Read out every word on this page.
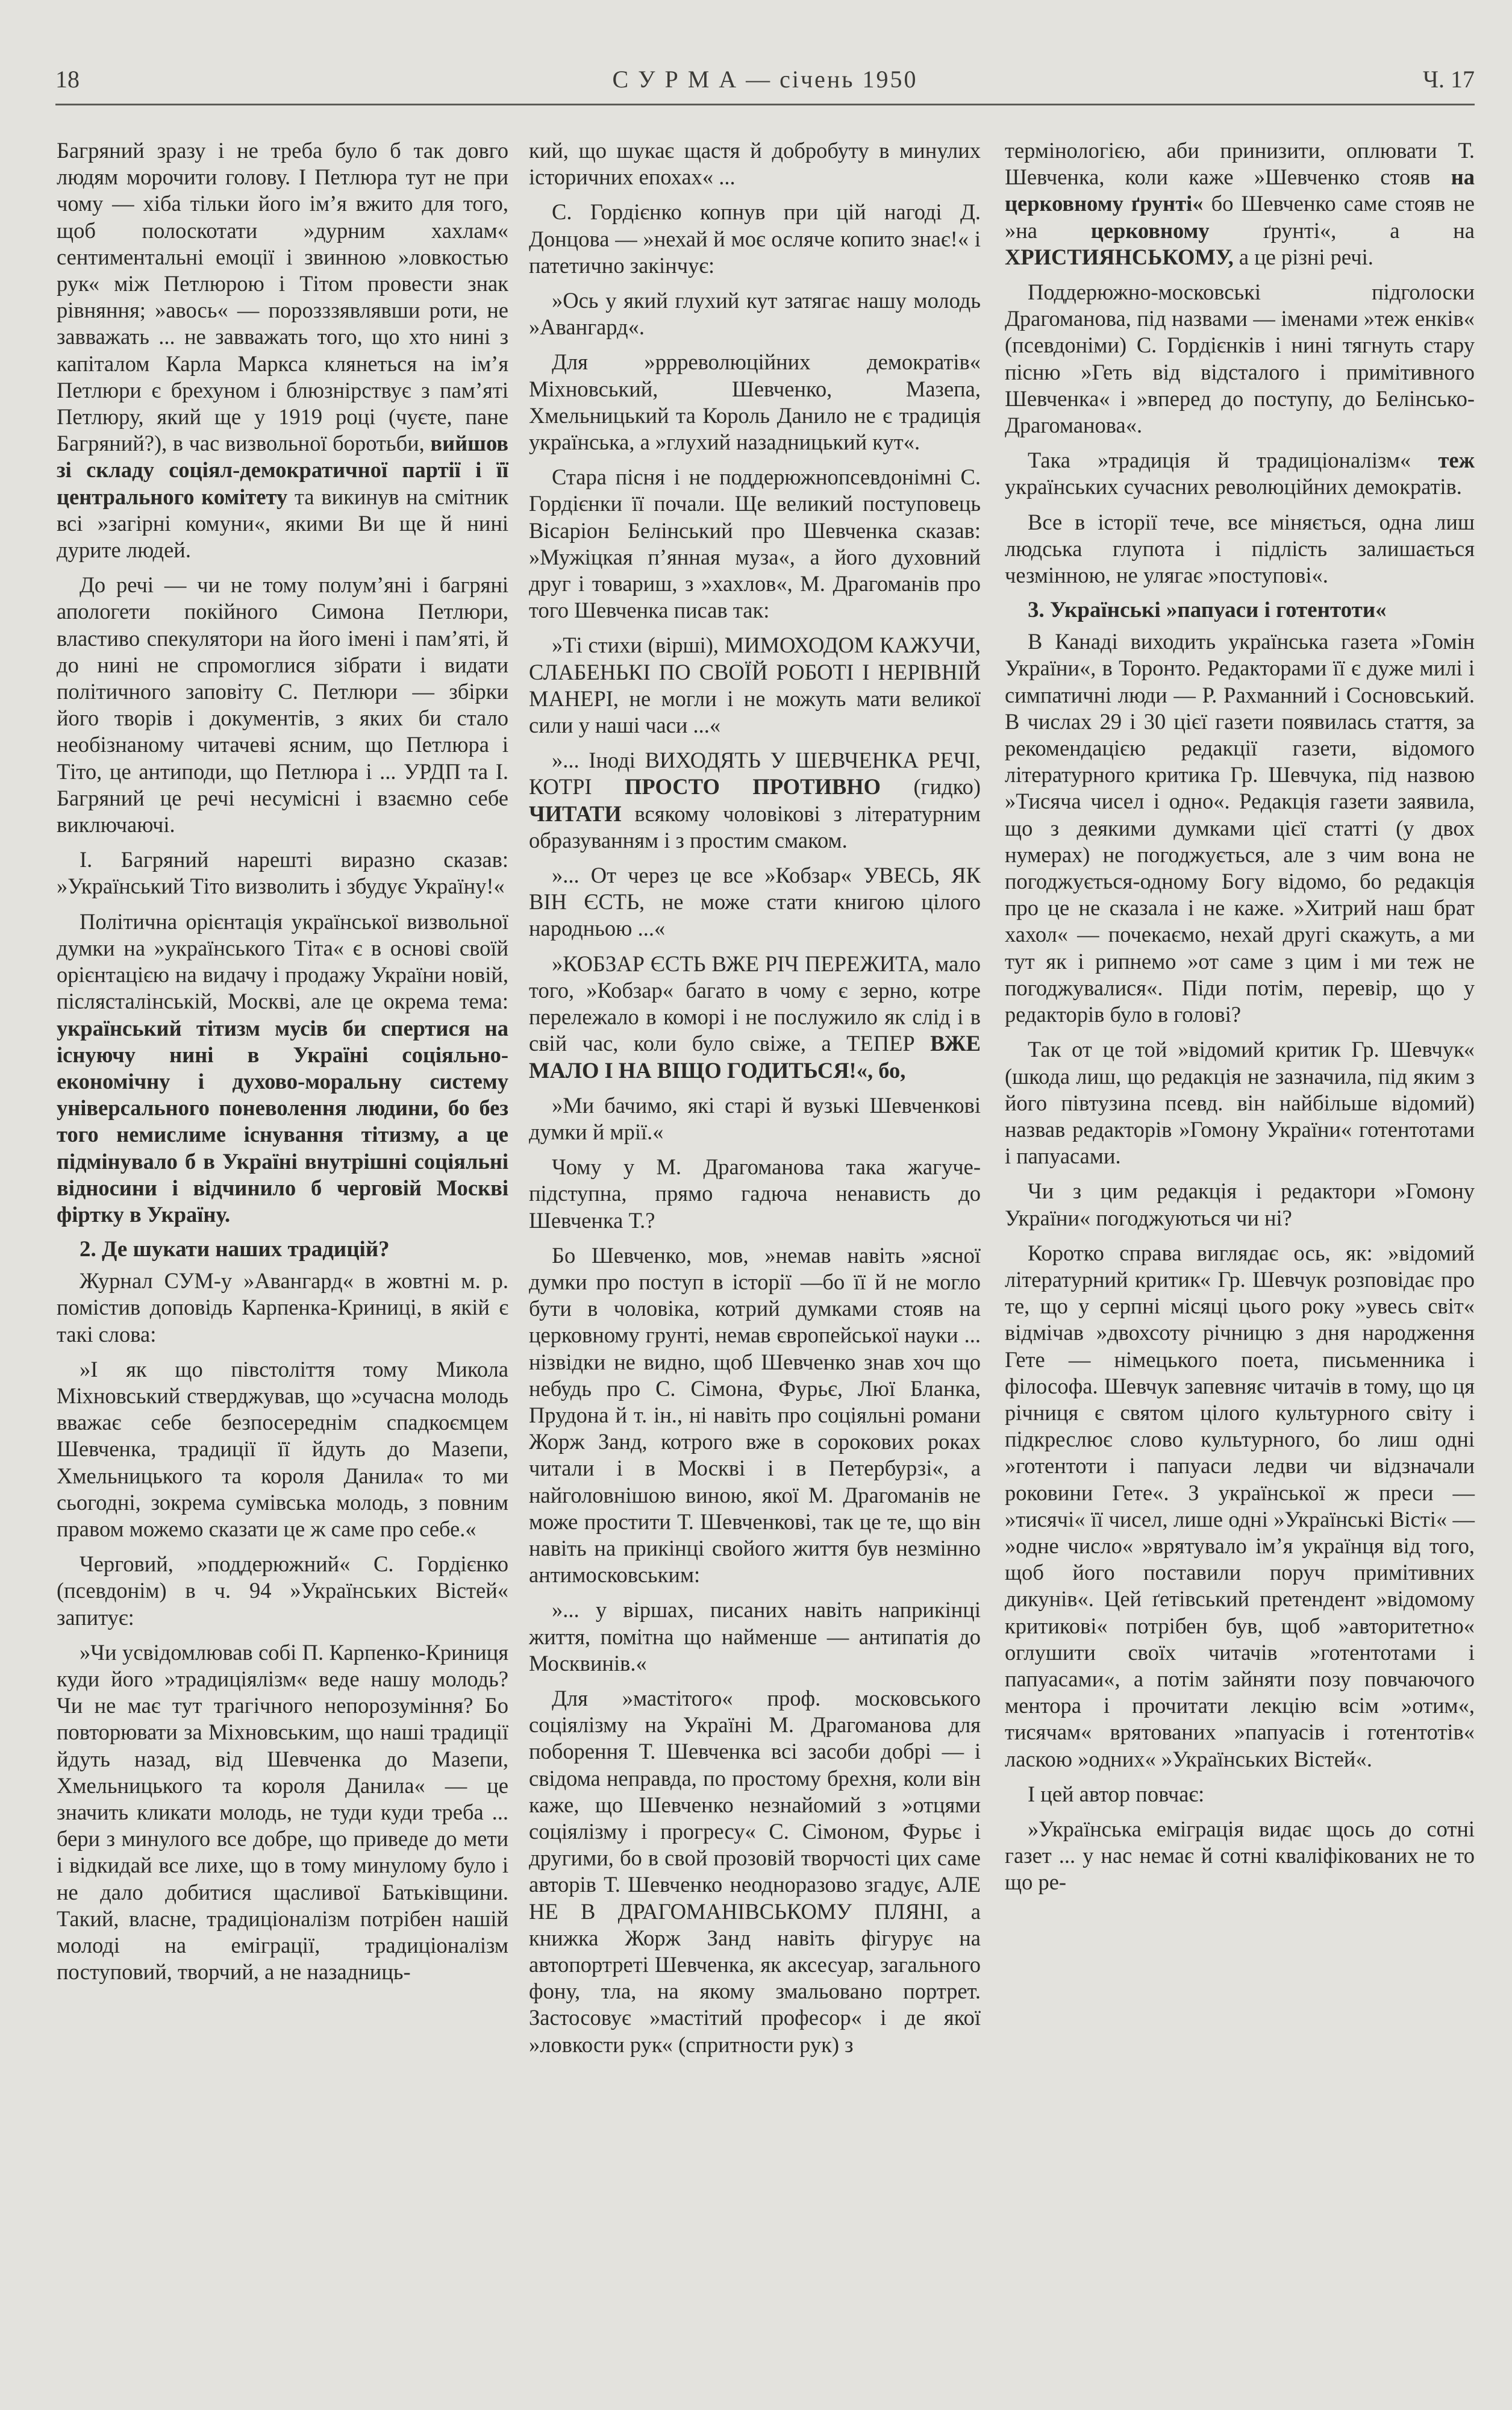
18	С У Р М А — січень 1950	Ч. 17

Багряний зразу і не треба було б так довго людям морочити голову. І Петлюра тут не при чому — хіба тільки його ім’я вжито для того, щоб полоскотати »дурним хахлам« сентиментальні емоції і звинною »ловкостью рук« між Петлюрою і Тітом провести знак рівняння; »авось« — порозззявлявши роти, не завважать ... не завважать того, що хто нині з капіталом Карла Маркса клянеться на ім’я Петлюри є брехуном і блюзнірствує з пам’яті Петлюру, який ще у 1919 році (чуєте, пане Багряний?), в час визвольної боротьби, вийшов зі складу соціял-демократичної партії і її центрального комітету та викинув на смітник всі »загірні комуни«, якими Ви ще й нині дурите людей.

До речі — чи не тому полум’яні і багряні апологети покійного Симона Петлюри, властиво спекулятори на його імені і пам’яті, й до нині не спромоглися зібрати і видати політичного заповіту С. Петлюри — збірки його творів і документів, з яких би стало необізнаному читачеві ясним, що Петлюра і Тіто, це антиподи, що Петлюра і ... УРДП та І. Багряний це речі несумісні і взаємно себе виключаючі.

І. Багряний нарешті виразно сказав: »Український Тіто визволить і збудує Україну!«

Політична орієнтація української визвольної думки на »українського Тіта« є в основі своїй орієнтацією на видачу і продажу України новій, післясталінській, Москві, але це окрема тема: український тітизм мусів би спертися на існуючу нині в Україні соціяльно-економічну і духово-моральну систему універсального поневолення людини, бо без того немислиме існування тітизму, а це підмінувало б в Україні внутрішні соціяльні відносини і відчинило б черговій Москві фіртку в Україну.

2. Де шукати наших традицій?

Журнал СУМ-у »Авангард« в жовтні м. р. помістив доповідь Карпенка-Криниці, в якій є такі слова:

»І як що півстоліття тому Микола Міхновський стверджував, що »сучасна молодь вважає себе безпосереднім спадкоємцем Шевченка, традиції її йдуть до Мазепи, Хмельницького та короля Данила« то ми сьогодні, зокрема сумівська молодь, з повним правом можемо сказати це ж саме про себе.«

Черговий, »поддерюжний« С. Гордієнко (псевдонім) в ч. 94 »Українських Вістей« запитує:

»Чи усвідомлював собі П. Карпенко-Криниця куди його »традиціялізм« веде нашу молодь? Чи не має тут трагічного непорозуміння? Бо повторювати за Міхновським, що наші традиції йдуть назад, від Шевченка до Мазепи, Хмельницького та короля Данила« — це значить кликати молодь, не туди куди треба ... бери з минулого все добре, що приведе до мети і відкидай все лихе, що в тому минулому було і не дало добитися щасливої Батьківщини. Такий, власне, традиціоналізм потрібен нашій молоді на еміграції, традиціоналізм поступовий, творчий, а не назадниць-

кий, що шукає щастя й добробуту в минулих історичних епохах« ...

С. Гордієнко копнув при цій нагоді Д. Донцова — »нехай й моє осляче копито знає!« і патетично закінчує:

»Ось у який глухий кут затягає нашу молодь »Авангард«.

Для »ррреволюційних демократів« Міхновський, Шевченко, Мазепа, Хмельницький та Король Данило не є традиція українська, а »глухий назадницький кут«.

Стара пісня і не поддерюжнопсевдонімні С. Гордієнки її почали. Ще великий поступовець Вісаріон Белінський про Шевченка сказав: »Мужіцкая п’янная муза«, а його духовний друг і товариш, з »хахлов«, М. Драгоманів про того Шевченка писав так:

»Ті стихи (вірші), МИМОХОДОМ КАЖУЧИ, СЛАБЕНЬКІ ПО СВОЇЙ РОБОТІ І НЕРІВНІЙ МАНЕРІ, не могли і не можуть мати великої сили у наші часи ...«

»... Іноді ВИХОДЯТЬ У ШЕВЧЕНКА РЕЧІ, КОТРІ ПРОСТО ПРОТИВНО (гидко) ЧИТАТИ всякому чоловікові з літературним образуванням і з простим смаком.

»... От через це все »Кобзар« УВЕСЬ, ЯК ВІН ЄСТЬ, не може стати книгою цілого народньою ...«

»КОБЗАР ЄСТЬ ВЖЕ РІЧ ПЕРЕЖИТА, мало того, »Кобзар« багато в чому є зерно, котре перележало в коморі і не послужило як слід і в свій час, коли було свіже, а ТЕПЕР ВЖЕ МАЛО І НА ВІЩО ГОДИТЬСЯ!«, бо,

»Ми бачимо, які старі й вузькі Шевченкові думки й мрії.«

Чому у М. Драгоманова така жагуче-підступна, прямо гадюча ненависть до Шевченка Т.?

Бо Шевченко, мов, »немав навіть »ясної думки про поступ в історії —бо її й не могло бути в чоловіка, котрий думками стояв на церковному грунті, немав європейської науки ... нізвідки не видно, щоб Шевченко знав хоч що небудь про С. Сімона, Фурьє, Люї Бланка, Прудона й т. ін., ні навіть про соціяльні романи Жорж Занд, котрого вже в сорокових роках читали і в Москві і в Петербурзі«, а найголовнішою виною, якої М. Драгоманів не може простити Т. Шевченкові, так це те, що він навіть на прикінці свойого життя був незмінно антимосковським:

»... у віршах, писаних навіть наприкінці життя, помітна що найменше — антипатія до Москвинів.«

Для »мастітого« проф. московського соціялізму на Україні М. Драгоманова для поборення Т. Шевченка всі засоби добрі — і свідома неправда, по простому брехня, коли він каже, що Шевченко незнайомий з »отцями соціялізму і прогресу« С. Сімоном, Фурьє і другими, бо в свой прозовій творчості цих саме авторів Т. Шевченко неодноразово згадує, АЛЕ НЕ В ДРАГОМАНІВСЬКОМУ ПЛЯНІ, а книжка Жорж Занд навіть фігурує на автопортреті Шевченка, як аксесуар, загального фону, тла, на якому змальовано портрет. Застосовує »мастітий професор« і де якої »ловкости рук« (спритности рук) з

термінологією, аби принизити, оплювати Т. Шевченка, коли каже »Шевченко стояв на церковному ґрунті« бо Шевченко саме стояв не »на церковному ґрунті«, а на ХРИСТИЯНСЬКОМУ, а це різні речі.

Поддерюжно-московські підголоски Драгоманова, під назвами — іменами »теж енків« (псевдоніми) С. Гордієнків і нині тягнуть стару пісню »Геть від відсталого і примітивного Шевченка« і »вперед до поступу, до Белінсько-Драгоманова«.

Така »традиція й традиціоналізм« теж українських сучасних революційних демократів.

Все в історії тече, все міняється, одна лиш людська глупота і підлість залишається чезмінною, не улягає »поступові«.

3. Українські »папуаси і готентоти«

В Канаді виходить українська газета »Гомін України«, в Торонто. Редакторами її є дуже милі і симпатичні люди — Р. Рахманний і Сосновський. В числах 29 і 30 цієї газети появилась стаття, за рекомендацією редакції газети, відомого літературного критика Гр. Шевчука, під назвою »Тисяча чисел і одно«. Редакція газети заявила, що з деякими думками цієї статті (у двох нумерах) не погоджується, але з чим вона не погоджується-одному Богу відомо, бо редакція про це не сказала і не каже. »Хитрий наш брат хахол« — почекаємо, нехай другі скажуть, а ми тут як і рипнемо »от саме з цим і ми теж не погоджувалися«. Піди потім, перевір, що у редакторів було в голові?

Так от це той »відомий критик Гр. Шевчук« (шкода лиш, що редакція не зазначила, під яким з його півтузина псевд. він найбільше відомий) назвав редакторів »Гомону України« готентотами і папуасами.

Чи з цим редакція і редактори »Гомону України« погоджуються чи ні?

Коротко справа виглядає ось, як: »відомий літературний критик« Гр. Шевчук розповідає про те, що у серпні місяці цього року »увесь світ« відмічав »двохсоту річницю з дня народження Гете — німецького поета, письменника і філософа. Шевчук запевняє читачів в тому, що ця річниця є святом цілого культурного світу і підкреслює слово культурного, бо лиш одні »готентоти і папуаси ледви чи відзначали роковини Гете«. З української ж преси — »тисячі« її чисел, лише одні »Українські Вісті« — »одне число« »врятувало ім’я українця від того, щоб його поставили поруч примітивних дикунів«. Цей ґетівський претендент »відомому критикові« потрібен був, щоб »авторитетно« оглушити своїх читачів »готентотами і папуасами«, а потім зайняти позу повчаючого ментора і прочитати лекцію всім »отим«, тисячам« врятованих »папуасів і готентотів« ласкою »одних« »Українських Вістей«.

І цей автор повчає:

»Українська еміграція видає щось до сотні газет ... у нас немає й сотні кваліфікованих не то що ре-
